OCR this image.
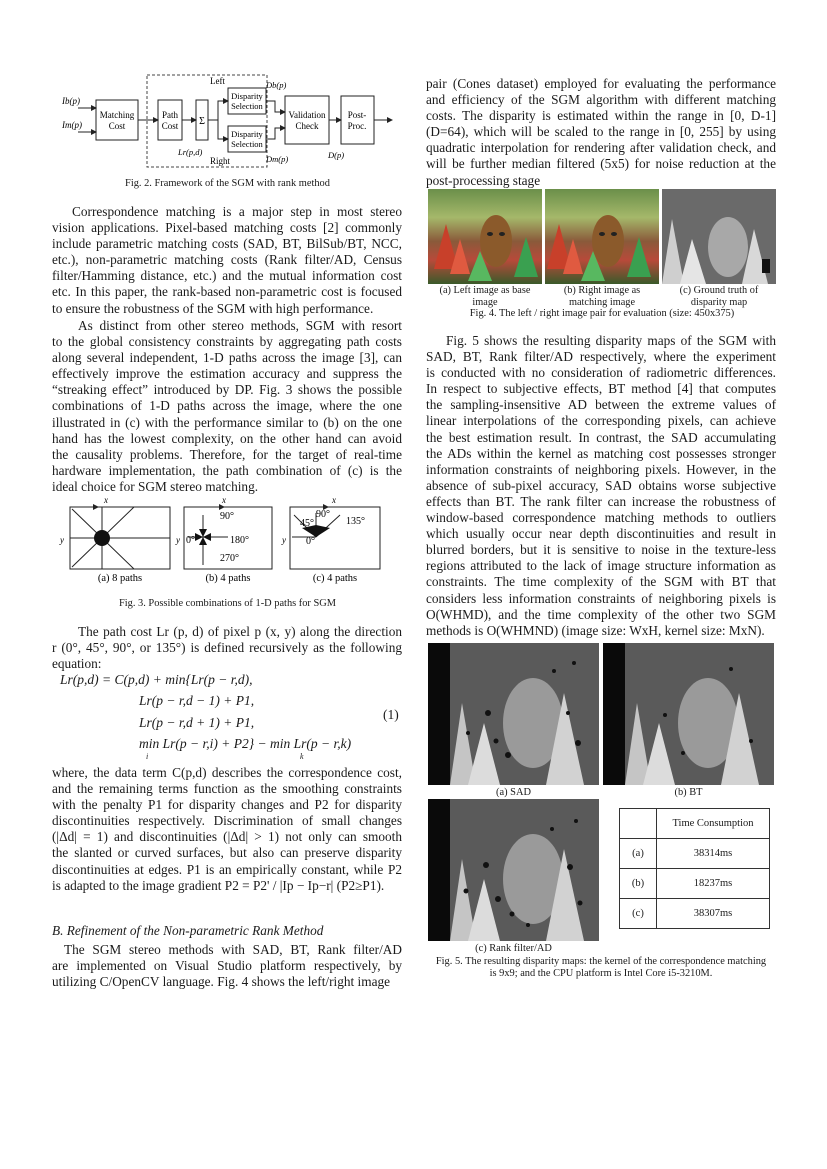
Ib(p)
Im(p)
Matching
Cost
Path
Cost Σ
Lr(p,d)
Left
Right
Disparity
Selection
Disparity
Selection
Db(p)
Dm(p)
Validation
Check
D(p)
Post-
Proc.
Fig. 2. Framework of the SGM with rank method
Correspondence matching is a major step in most stereo
vision applications. Pixel-based matching costs [2] commonly
include parametric matching costs (SAD, BT, BilSub/BT, NCC,
etc.), non-parametric matching costs (Rank filter/AD, Census
filter/Hamming distance, etc.) and the mutual information cost
etc. In this paper, the rank-based non-parametric cost is focused
to ensure the robustness of the SGM with high performance.
As distinct from other stereo methods, SGM with resort
to the global consistency constraints by aggregating path costs
along several independent, 1-D paths across the image [3], can
effectively improve the estimation accuracy and suppress the
“streaking effect” introduced by DP. Fig. 3 shows the possible
combinations of 1-D paths across the image, where the one
illustrated in (c) with the performance similar to (b) on the one
hand has the lowest complexity, on the other hand can avoid
the causality problems. Therefore, for the target of real-time
hardware implementation, the path combination of (c) is the
ideal choice for SGM stereo matching.
x
y
x
y
90°
0°	180°
270°
x
y
90°
45°	135°
0°
(a) 8 paths	(b) 4 paths	(c) 4 paths
Fig. 3. Possible combinations of 1-D paths for SGM
The path cost Lr (p, d) of pixel p (x, y) along the direction
r (0°, 45°, 90°, or 135°) is defined recursively as the following
equation:
Lr(p,d) = C(p,d) + min{Lr(p − r,d),
Lr(p − r,d − 1) + P1,
Lr(p − r,d + 1) + P1,
min Lr(p − r,i) + P2} − min Lr(p − r,k)
i	k
(1)
where, the data term C(p,d) describes the correspondence cost,
and the remaining terms function as the smoothing constraints
with the penalty P1 for disparity changes and P2 for disparity
discontinuities respectively. Discrimination of small changes
(|Δd| = 1) and discontinuities (|Δd| > 1) not only can smooth
the slanted or curved surfaces, but also can preserve disparity
discontinuities at edges. P1 is an empirically constant, while P2
is adapted to the image gradient P2 = P2' / |Ip − Ip−r| (P2≥P1).
B. Refinement of the Non-parametric Rank Method
The SGM stereo methods with SAD, BT, Rank filter/AD
are implemented on Visual Studio platform respectively, by
utilizing C/OpenCV language. Fig. 4 shows the left/right image
pair (Cones dataset) employed for evaluating the performance
and efficiency of the SGM algorithm with different matching
costs. The disparity is estimated within the range in [0, D-1]
(D=64), which will be scaled to the range in [0, 255] by using
quadratic interpolation for rendering after validation check, and
will be further median filtered (5x5) for noise reduction at the
post-processing stage
(a) Left image as base image
(b) Right image as matching image
(c) Ground truth of disparity map
Fig. 4. The left / right image pair for evaluation (size: 450x375)
Fig. 5 shows the resulting disparity maps of the SGM with
SAD, BT, Rank filter/AD respectively, where the experiment
is conducted with no consideration of radiometric differences.
In respect to subjective effects, BT method [4] that computes
the sampling-insensitive AD between the extreme values of
linear interpolations of the corresponding pixels, can achieve
the best estimation result. In contrast, the SAD accumulating
the ADs within the kernel as matching cost possesses stronger
information constraints of neighboring pixels. However, in the
absence of sub-pixel accuracy, SAD obtains worse subjective
effects than BT. The rank filter can increase the robustness of
window-based correspondence matching methods to outliers
which usually occur near depth discontinuities and result in
blurred borders, but it is sensitive to noise in the texture-less
regions attributed to the lack of image structure information as
constraints. The time complexity of the SGM with BT that
considers less information constraints of neighboring pixels is
O(WHMD), and the time complexity of the other two SGM
methods is O(WHMND) (image size: WxH, kernel size: MxN).
(a) SAD	(b) BT
(c) Rank filter/AD
	Time Consumption
(a)	38314ms
(b)	18237ms
(c)	38307ms
Fig. 5. The resulting disparity maps: the kernel of the correspondence matching
is 9x9; and the CPU platform is Intel Core i5-3210M.
